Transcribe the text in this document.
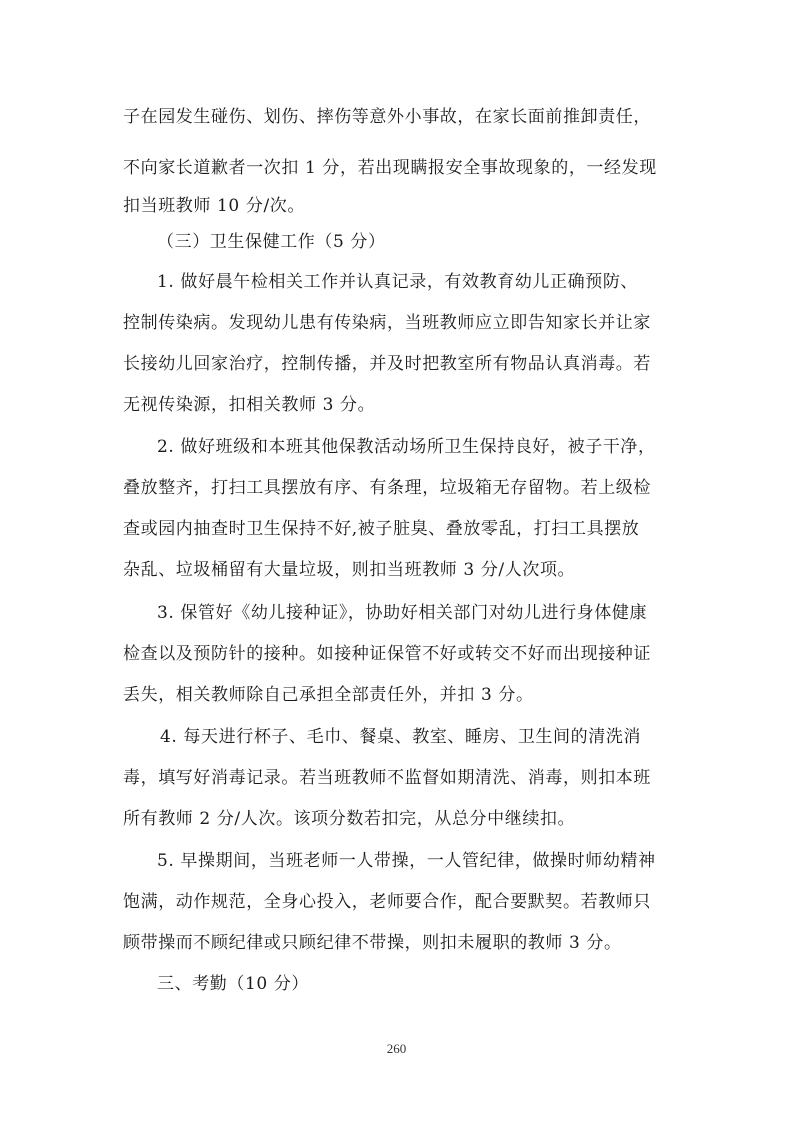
子在园发生碰伤、划伤、摔伤等意外小事故，在家长面前推卸责任，
不向家长道歉者一次扣 1 分，若出现瞒报安全事故现象的，一经发现
扣当班教师 10 分/次。
（三）卫生保健工作（5 分）
1. 做好晨午检相关工作并认真记录，有效教育幼儿正确预防、
控制传染病。发现幼儿患有传染病，当班教师应立即告知家长并让家
长接幼儿回家治疗，控制传播，并及时把教室所有物品认真消毒。若
无视传染源，扣相关教师 3 分。
2. 做好班级和本班其他保教活动场所卫生保持良好，被子干净，
叠放整齐，打扫工具摆放有序、有条理，垃圾箱无存留物。若上级检
查或园内抽查时卫生保持不好,被子脏臭、叠放零乱，打扫工具摆放
杂乱、垃圾桶留有大量垃圾，则扣当班教师 3 分/人次项。
3. 保管好《幼儿接种证》，协助好相关部门对幼儿进行身体健康
检查以及预防针的接种。如接种证保管不好或转交不好而出现接种证
丢失，相关教师除自己承担全部责任外，并扣 3 分。
4. 每天进行杯子、毛巾、餐桌、教室、睡房、卫生间的清洗消
毒，填写好消毒记录。若当班教师不监督如期清洗、消毒，则扣本班
所有教师 2 分/人次。该项分数若扣完，从总分中继续扣。
5. 早操期间，当班老师一人带操，一人管纪律，做操时师幼精神
饱满，动作规范，全身心投入，老师要合作，配合要默契。若教师只
顾带操而不顾纪律或只顾纪律不带操，则扣未履职的教师 3 分。
三、考勤（10 分）
260
